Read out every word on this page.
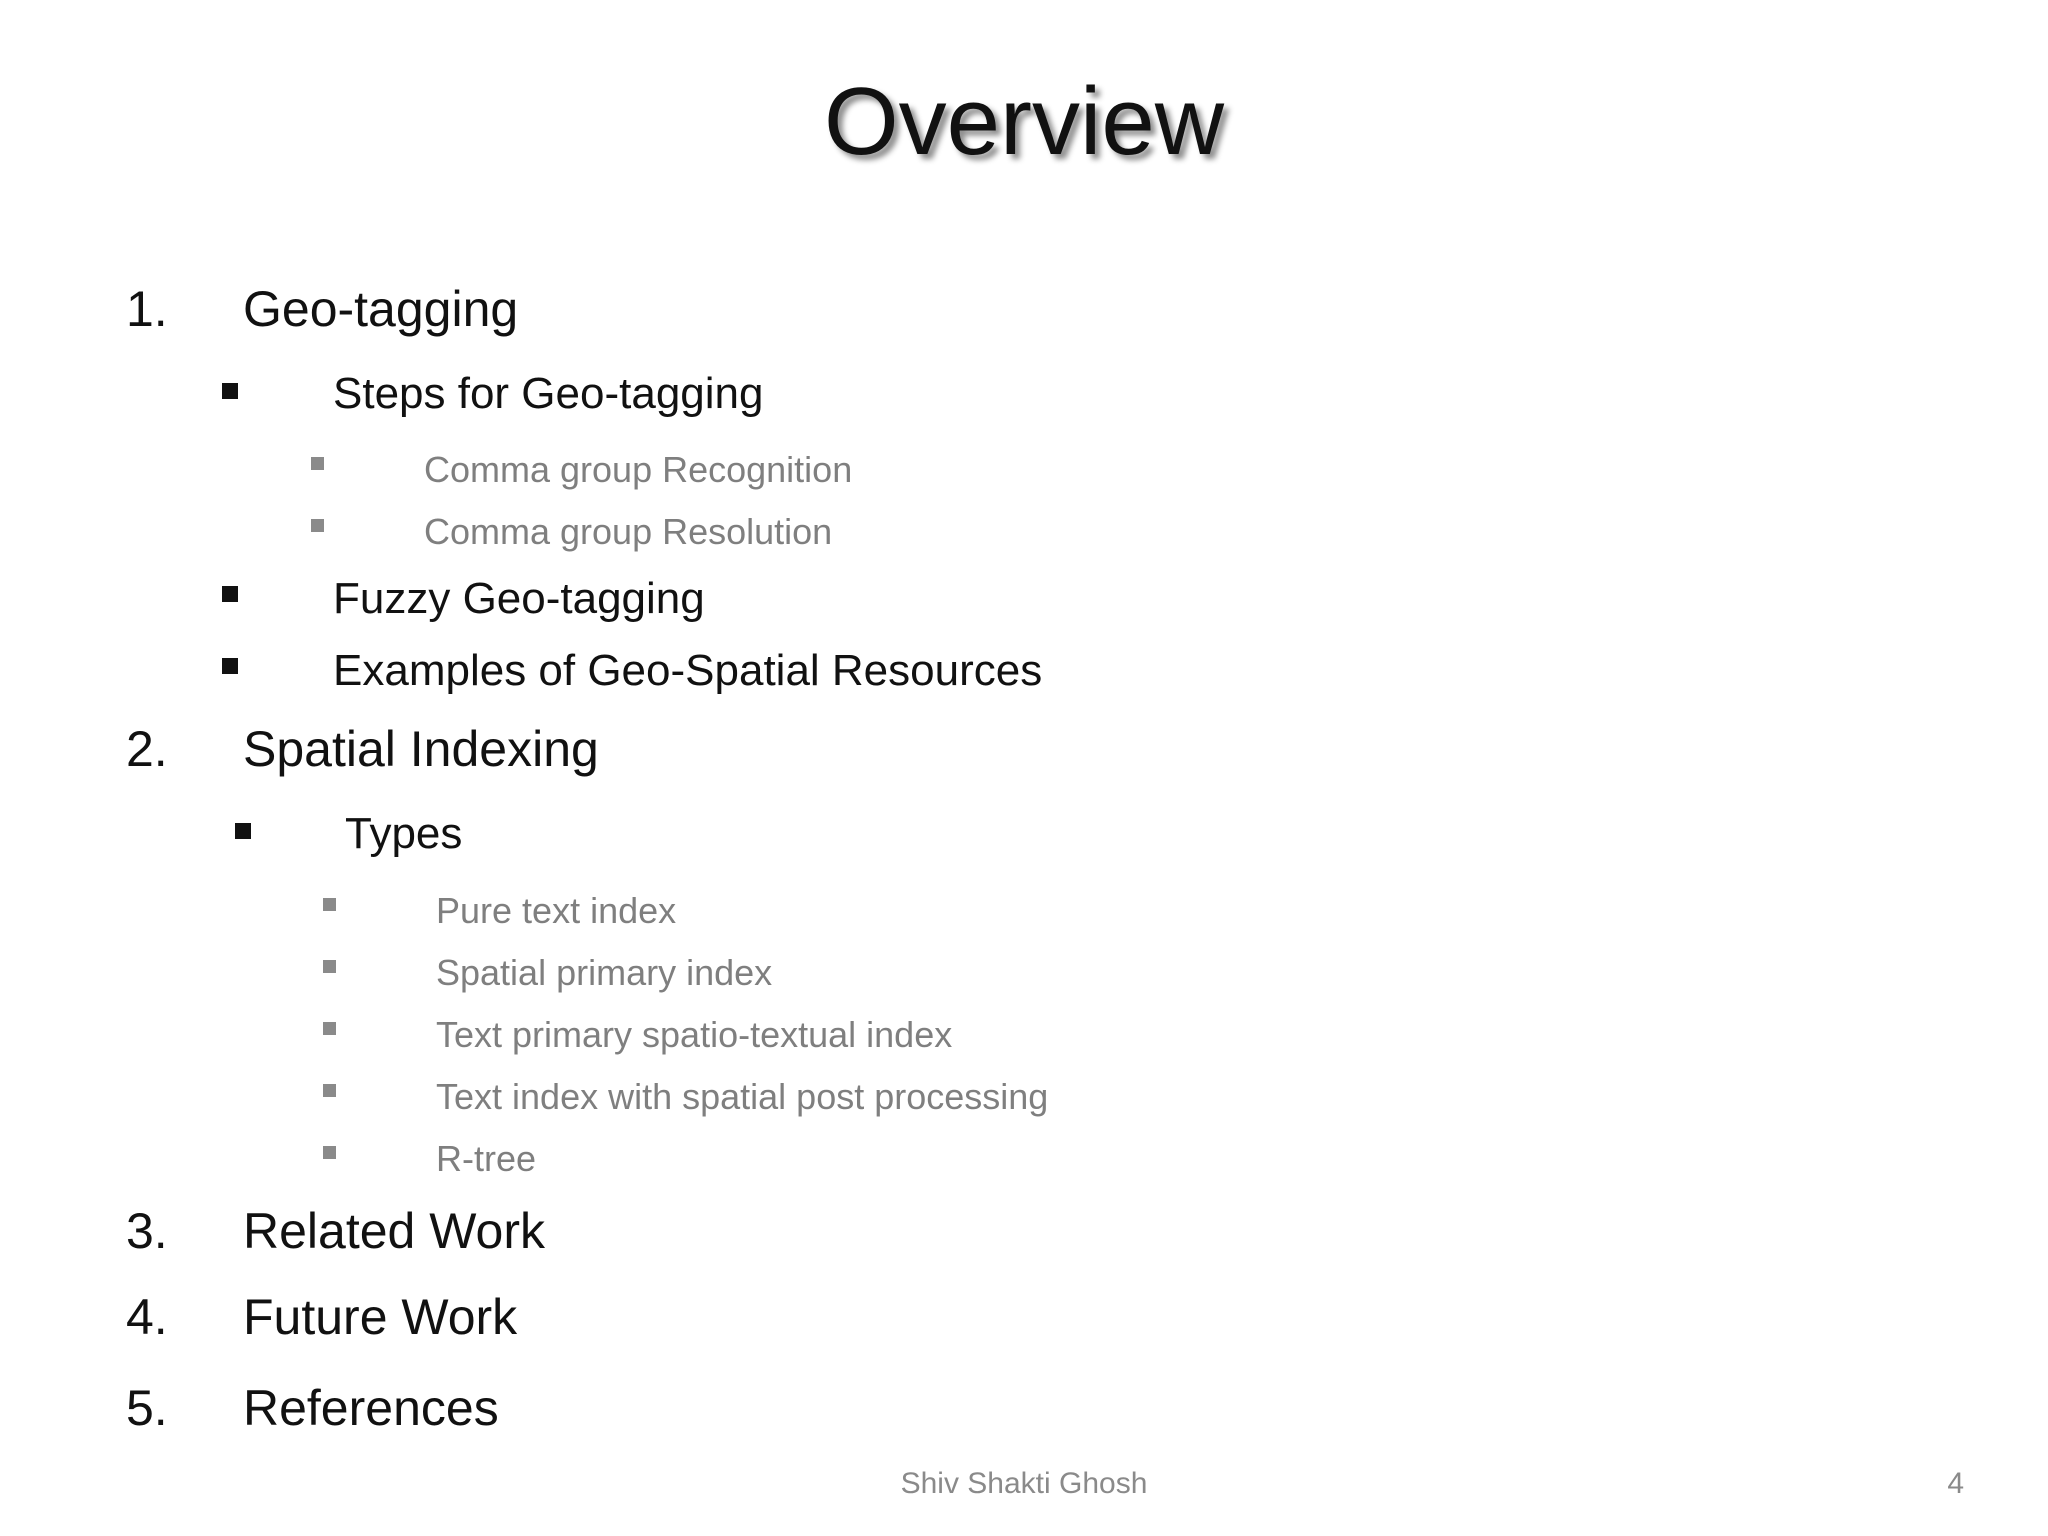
Overview
1. Geo-tagging
Steps for Geo-tagging
Comma group Recognition
Comma group Resolution
Fuzzy Geo-tagging
Examples of Geo-Spatial Resources
2. Spatial Indexing
Types
Pure text index
Spatial primary index
Text primary spatio-textual index
Text index with spatial post processing
R-tree
3. Related Work
4. Future Work
5. References
Shiv Shakti Ghosh	4
